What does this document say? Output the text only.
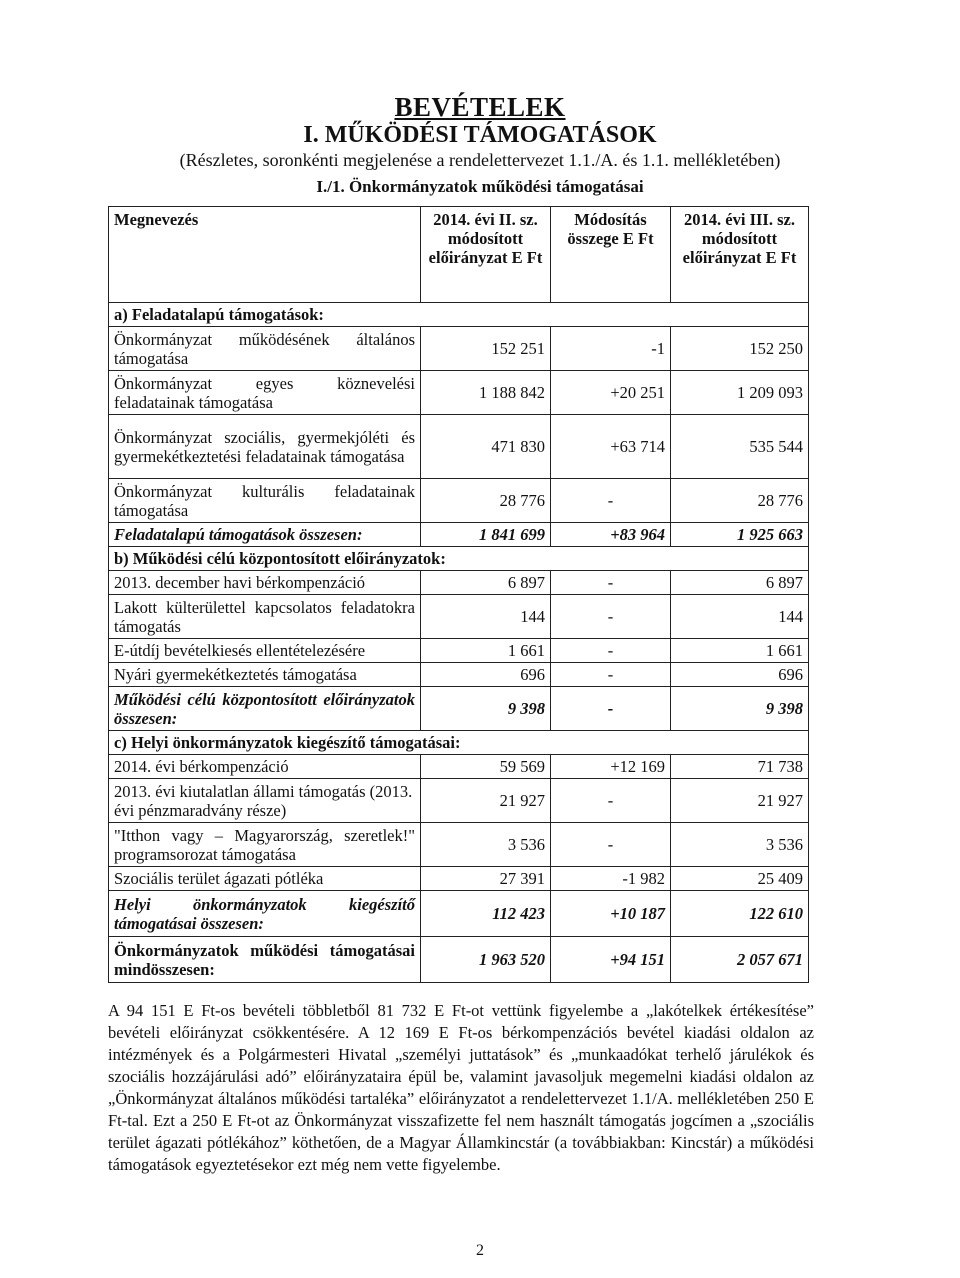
BEVÉTELEK
I. MŰKÖDÉSI TÁMOGATÁSOK
(Részletes, soronkénti megjelenése a rendelettervezet 1.1./A. és 1.1. mellékletében)
I./1. Önkormányzatok működési támogatásai
Megnevezés	2014. évi II. sz. módosított előirányzat E Ft	Módosítás összege E Ft	2014. évi III. sz. módosított előirányzat E Ft
a) Feladatalapú támogatások:			
Önkormányzat működésének általános támogatása	152 251	-1	152 250
Önkormányzat egyes köznevelési feladatainak támogatása	1 188 842	+20 251	1 209 093
Önkormányzat szociális, gyermekjóléti és gyermekétkeztetési feladatainak támogatása	471 830	+63 714	535 544
Önkormányzat kulturális feladatainak támogatása	28 776	-	28 776
Feladatalapú támogatások összesen:	1 841 699	+83 964	1 925 663
b) Működési célú központosított előirányzatok:			
2013. december havi bérkompenzáció	6 897	-	6 897
Lakott külterülettel kapcsolatos feladatokra támogatás	144	-	144
E-útdíj bevételkiesés ellentételezésére	1 661	-	1 661
Nyári gyermekétkeztetés támogatása	696	-	696
Működési célú központosított előirányzatok összesen:	9 398	-	9 398
c) Helyi önkormányzatok kiegészítő támogatásai:			
2014. évi bérkompenzáció	59 569	+12 169	71 738
2013. évi kiutalatlan állami támogatás (2013. évi pénzmaradvány része)	21 927	-	21 927
"Itthon vagy – Magyarország, szeretlek!" programsorozat támogatása	3 536	-	3 536
Szociális terület ágazati pótléka	27 391	-1 982	25 409
Helyi önkormányzatok kiegészítő támogatásai összesen:	112 423	+10 187	122 610
Önkormányzatok működési támogatásai mindösszesen:	1 963 520	+94 151	2 057 671
A 94 151 E Ft-os bevételi többletből 81 732 E Ft-ot vettünk figyelembe a „lakótelkek értékesítése” bevételi előirányzat csökkentésére. A 12 169 E Ft-os bérkompenzációs bevétel kiadási oldalon az intézmények és a Polgármesteri Hivatal „személyi juttatások” és „munkaadókat terhelő járulékok és szociális hozzájárulási adó” előirányzataira épül be, valamint javasoljuk megemelni kiadási oldalon az „Önkormányzat általános működési tartaléka” előirányzatot a rendelettervezet 1.1/A. mellékletében 250 E Ft-tal. Ezt a 250 E Ft-ot az Önkormányzat visszafizette fel nem használt támogatás jogcímen a „szociális terület ágazati pótlékához” köthetően, de a Magyar Államkincstár (a továbbiakban: Kincstár) a működési támogatások egyeztetésekor ezt még nem vette figyelembe.
2
